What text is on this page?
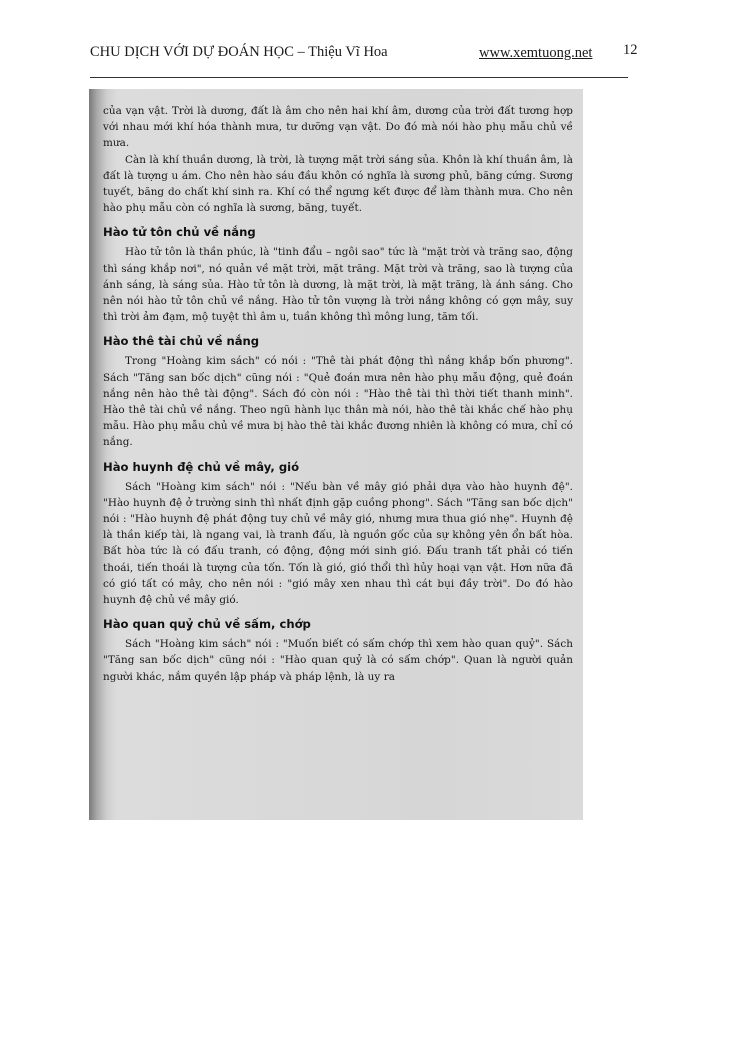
CHU DỊCH VỚI DỰ ĐOÁN HỌC – Thiệu Vĩ Hoa	www.xemtuong.net 12

của vạn vật. Trời là dương, đất là âm cho nên hai khí âm, dương của trời đất tương hợp với nhau mới khí hóa thành mưa, tư dưỡng vạn vật. Do đó mà nói hào phụ mẫu chủ về mưa.

Càn là khí thuần dương, là trời, là tượng mặt trời sáng sủa. Khôn là khí thuần âm, là đất là tượng u ám. Cho nên hào sáu đầu khôn có nghĩa là sương phủ, băng cứng. Sương tuyết, băng do chất khí sinh ra. Khí có thể ngưng kết được để làm thành mưa. Cho nên hào phụ mẫu còn có nghĩa là sương, băng, tuyết.

Hào tử tôn chủ về nắng

Hào tử tôn là thần phúc, là "tinh đẩu – ngôi sao" tức là "mặt trời và trăng sao, động thì sáng khắp nơi", nó quản về mặt trời, mặt trăng. Mặt trời và trăng, sao là tượng của ánh sáng, là sáng sủa. Hào tử tôn là dương, là mặt trời, là mặt trăng, là ánh sáng. Cho nên nói hào tử tôn chủ về nắng. Hào tử tôn vượng là trời nắng không có gợn mây, suy thì trời ảm đạm, mộ tuyệt thì âm u, tuần không thì mông lung, tăm tối.

Hào thê tài chủ về nắng

Trong "Hoàng kim sách" có nói : "Thê tài phát động thì nắng khắp bốn phương". Sách "Tăng san bốc dịch" cũng nói : "Quẻ đoán mưa nên hào phụ mẫu động, quẻ đoán nắng nên hào thê tài động". Sách đó còn nói : "Hào thê tài thì thời tiết thanh minh". Hào thê tài chủ về nắng. Theo ngũ hành lục thân mà nói, hào thê tài khắc chế hào phụ mẫu. Hào phụ mẫu chủ về mưa bị hào thê tài khắc đương nhiên là không có mưa, chỉ có nắng.

Hào huynh đệ chủ về mây, gió

Sách "Hoàng kim sách" nói : "Nếu bàn về mây gió phải dựa vào hào huynh đệ". "Hào huynh đệ ở trường sinh thì nhất định gặp cuồng phong". Sách "Tăng san bốc dịch" nói : "Hào huynh đệ phát động tuy chủ về mây gió, nhưng mưa thua gió nhẹ". Huynh đệ là thần kiếp tài, là ngang vai, là tranh đấu, là nguồn gốc của sự không yên ổn bất hòa. Bất hòa tức là có đấu tranh, có động, động mới sinh gió. Đấu tranh tất phải có tiến thoái, tiến thoái là tượng của tốn. Tốn là gió, gió thổi thì hủy hoại vạn vật. Hơn nữa đã có gió tất có mây, cho nên nói : "gió mây xen nhau thì cát bụi đầy trời". Do đó hào huynh đệ chủ về mây gió.

Hào quan quỷ chủ về sấm, chớp

Sách "Hoàng kim sách" nói : "Muốn biết có sấm chớp thì xem hào quan quỷ". Sách "Tăng san bốc dịch" cũng nói : "Hào quan quỷ là có sấm chớp". Quan là người quản người khác, nắm quyền lập pháp và pháp lệnh, là uy ra
